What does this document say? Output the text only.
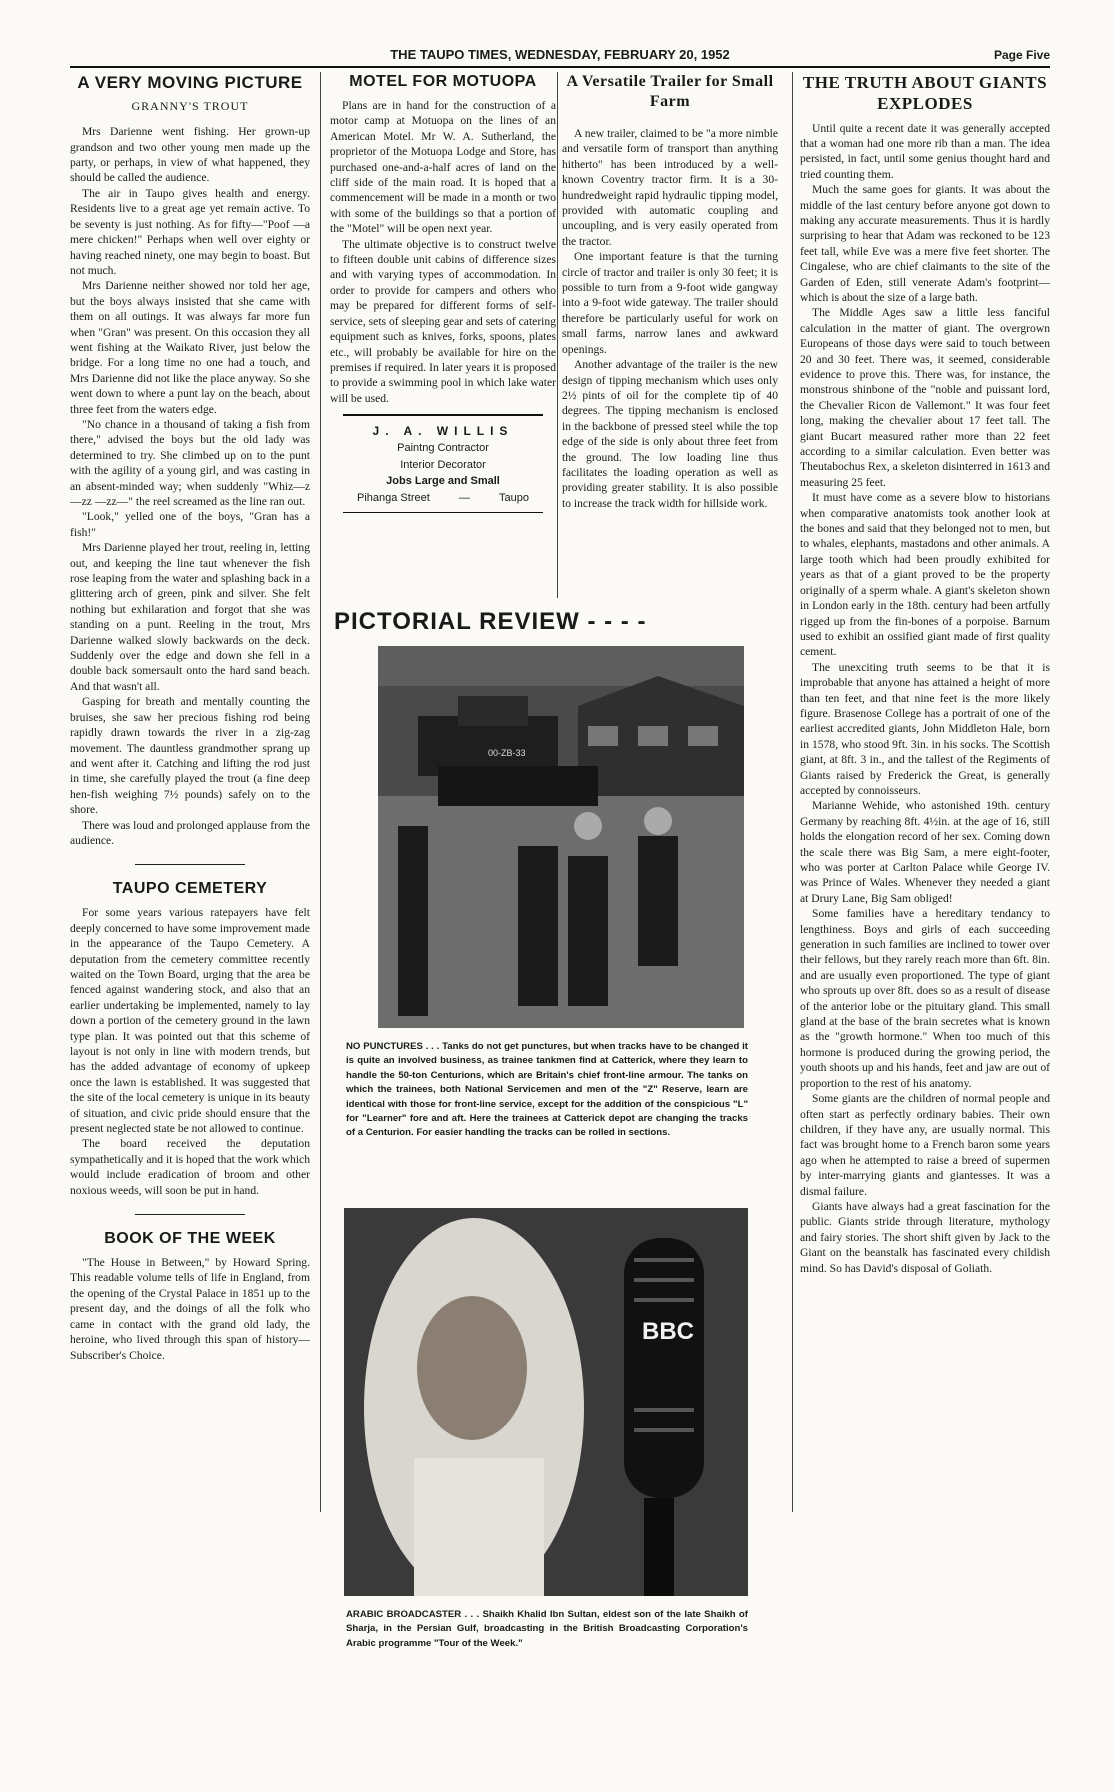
THE TAUPO TIMES, WEDNESDAY, FEBRUARY 20, 1952	Page Five
A VERY MOVING PICTURE
GRANNY'S TROUT

Mrs Darienne went fishing. Her grown-up grandson and two other young men made up the party, or perhaps, in view of what happened, they should be called the audience.

The air in Taupo gives health and energy. Residents live to a great age yet remain active. To be seventy is just nothing. As for fifty—"Poof —a mere chicken!" Perhaps when well over eighty or having reached ninety, one may begin to boast. But not much.

Mrs Darienne neither showed nor told her age, but the boys always insisted that she came with them on all outings. It was always far more fun when "Gran" was present. On this occasion they all went fishing at the Waikato River, just below the bridge. For a long time no one had a touch, and Mrs Darienne did not like the place anyway. So she went down to where a punt lay on the beach, about three feet from the waters edge.

"No chance in a thousand of taking a fish from there," advised the boys but the old lady was determined to try. She climbed up on to the punt with the agility of a young girl, and was casting in an absent-minded way; when suddenly "Whiz—z—zz —zz—" the reel screamed as the line ran out.

"Look," yelled one of the boys, "Gran has a fish!"

Mrs Darienne played her trout, reeling in, letting out, and keeping the line taut whenever the fish rose leaping from the water and splashing back in a glittering arch of green, pink and silver. She felt nothing but exhilaration and forgot that she was standing on a punt. Reeling in the trout, Mrs Darienne walked slowly backwards on the deck. Suddenly over the edge and down she fell in a double back somersault onto the hard sand beach. And that wasn't all.

Gasping for breath and mentally counting the bruises, she saw her precious fishing rod being rapidly drawn towards the river in a zig-zag movement. The dauntless grandmother sprang up and went after it. Catching and lifting the rod just in time, she carefully played the trout (a fine deep hen-fish weighing 7½ pounds) safely on to the shore.

There was loud and prolonged applause from the audience.

TAUPO CEMETERY

For some years various ratepayers have felt deeply concerned to have some improvement made in the appearance of the Taupo Cemetery. A deputation from the cemetery committee recently waited on the Town Board, urging that the area be fenced against wandering stock, and also that an earlier undertaking be implemented, namely to lay down a portion of the cemetery ground in the lawn type plan. It was pointed out that this scheme of layout is not only in line with modern trends, but has the added advantage of economy of upkeep once the lawn is established. It was suggested that the site of the local cemetery is unique in its beauty of situation, and civic pride should ensure that the present neglected state be not allowed to continue.

The board received the deputation sympathetically and it is hoped that the work which would include eradication of broom and other noxious weeds, will soon be put in hand.

BOOK OF THE WEEK

"The House in Between," by Howard Spring. This readable volume tells of life in England, from the opening of the Crystal Palace in 1851 up to the present day, and the doings of all the folk who came in contact with the grand old lady, the heroine, who lived through this span of history—Subscriber's Choice.

MOTEL FOR MOTUOPA

Plans are in hand for the construction of a motor camp at Motuopa on the lines of an American Motel. Mr W. A. Sutherland, the proprietor of the Motuopa Lodge and Store, has purchased one-and-a-half acres of land on the cliff side of the main road. It is hoped that a commencement will be made in a month or two with some of the buildings so that a portion of the "Motel" will be open next year.

The ultimate objective is to construct twelve to fifteen double unit cabins of difference sizes and with varying types of accommodation. In order to provide for campers and others who may be prepared for different forms of self-service, sets of sleeping gear and sets of catering equipment such as knives, forks, spoons, plates etc., will probably be available for hire on the premises if required. In later years it is proposed to provide a swimming pool in which lake water will be used.

J. A. WILLIS
Paintng Contractor
Interior Decorator
Jobs Large and Small
Pihanga Street	—	Taupo
A Versatile Trailer for Small Farm

A new trailer, claimed to be "a more nimble and versatile form of transport than anything hitherto" has been introduced by a well-known Coventry tractor firm. It is a 30-hundredweight rapid hydraulic tipping model, provided with automatic coupling and uncoupling, and is very easily operated from the tractor.

One important feature is that the turning circle of tractor and trailer is only 30 feet; it is possible to turn from a 9-foot wide gangway into a 9-foot wide gateway. The trailer should therefore be particularly useful for work on small farms, narrow lanes and awkward openings.

Another advantage of the trailer is the new design of tipping mechanism which uses only 2½ pints of oil for the complete tip of 40 degrees. The tipping mechanism is enclosed in the backbone of pressed steel while the top edge of the side is only about three feet from the ground. The low loading line thus facilitates the loading operation as well as providing greater stability. It is also possible to increase the track width for hillside work.

THE TRUTH ABOUT GIANTS EXPLODES

Until quite a recent date it was generally accepted that a woman had one more rib than a man. The idea persisted, in fact, until some genius thought hard and tried counting them.

Much the same goes for giants. It was about the middle of the last century before anyone got down to making any accurate measurements. Thus it is hardly surprising to hear that Adam was reckoned to be 123 feet tall, while Eve was a mere five feet shorter. The Cingalese, who are chief claimants to the site of the Garden of Eden, still venerate Adam's footprint—which is about the size of a large bath.

The Middle Ages saw a little less fanciful calculation in the matter of giant. The overgrown Europeans of those days were said to touch between 20 and 30 feet. There was, it seemed, considerable evidence to prove this. There was, for instance, the monstrous shinbone of the "noble and puissant lord, the Chevalier Ricon de Vallemont." It was four feet long, making the chevalier about 17 feet tall. The giant Bucart measured rather more than 22 feet according to a similar calculation. Even better was Theutabochus Rex, a skeleton disinterred in 1613 and measuring 25 feet.

It must have come as a severe blow to historians when comparative anatomists took another look at the bones and said that they belonged not to men, but to whales, elephants, mastadons and other animals. A large tooth which had been proudly exhibited for years as that of a giant proved to be the property originally of a sperm whale. A giant's skeleton shown in London early in the 18th. century had been artfully rigged up from the fin-bones of a porpoise. Barnum used to exhibit an ossified giant made of first quality cement.

The unexciting truth seems to be that it is improbable that anyone has attained a height of more than ten feet, and that nine feet is the more likely figure. Brasenose College has a portrait of one of the earliest accredited giants, John Middleton Hale, born in 1578, who stood 9ft. 3in. in his socks. The Scottish giant, at 8ft. 3 in., and the tallest of the Regiments of Giants raised by Frederick the Great, is generally accepted by connoisseurs.

Marianne Wehide, who astonished 19th. century Germany by reaching 8ft. 4½in. at the age of 16, still holds the elongation record of her sex. Coming down the scale there was Big Sam, a mere eight-footer, who was porter at Carlton Palace while George IV. was Prince of Wales. Whenever they needed a giant at Drury Lane, Big Sam obliged!

Some families have a hereditary tendancy to lengthiness. Boys and girls of each succeeding generation in such families are inclined to tower over their fellows, but they rarely reach more than 6ft. 8in. and are usually even proportioned. The type of giant who sprouts up over 8ft. does so as a result of disease of the anterior lobe or the pituitary gland. This small gland at the base of the brain secretes what is known as the "growth hormone." When too much of this hormone is produced during the growing period, the youth shoots up and his hands, feet and jaw are out of proportion to the rest of his anatomy.

Some giants are the children of normal people and often start as perfectly ordinary babies. Their own children, if they have any, are usually normal. This fact was brought home to a French baron some years ago when he attempted to raise a breed of supermen by inter-marrying giants and giantesses. It was a dismal failure.

Giants have always had a great fascination for the public. Giants stride through literature, mythology and fairy stories. The short shift given by Jack to the Giant on the beanstalk has fascinated every childish mind. So has David's disposal of Goliath.

PICTORIAL REVIEW - - - -
00-ZB-33
NO PUNCTURES . . . Tanks do not get punctures, but when tracks have to be changed it is quite an involved business, as trainee tankmen find at Catterick, where they learn to handle the 50-ton Centurions, which are Britain's chief front-line armour. The tanks on which the trainees, both National Servicemen and men of the "Z" Reserve, learn are identical with those for front-line service, except for the addition of the conspicious "L" for "Learner" fore and aft. Here the trainees at Catterick depot are changing the tracks of a Centurion. For easier handling the tracks can be rolled in sections.
BBC
ARABIC BROADCASTER . . . Shaikh Khalid Ibn Sultan, eldest son of the late Shaikh of Sharja, in the Persian Gulf, broadcasting in the British Broadcasting Corporation's Arabic programme "Tour of the Week."
